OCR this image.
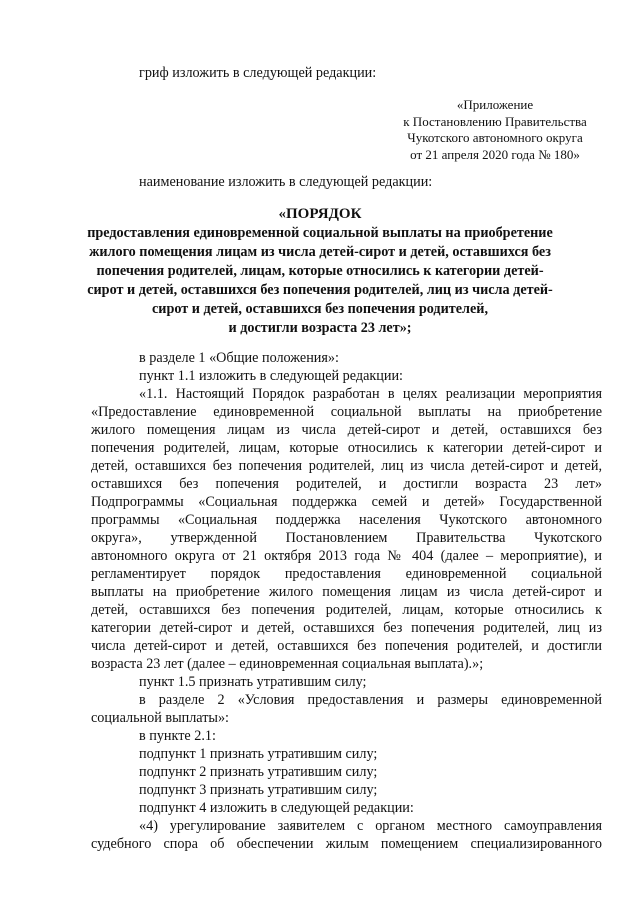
гриф изложить в следующей редакции:
«Приложение
к Постановлению Правительства
Чукотского автономного округа
от 21 апреля 2020 года № 180»
наименование изложить в следующей редакции:
«ПОРЯДОК
предоставления единовременной социальной выплаты на приобретение
жилого помещения лицам из числа детей-сирот и детей, оставшихся без
попечения родителей, лицам, которые относились к категории детей-
сирот и детей, оставшихся без попечения родителей, лиц из числа детей-
сирот и детей, оставшихся без попечения родителей,
и достигли возраста 23 лет»;
в разделе 1 «Общие положения»:
пункт 1.1 изложить в следующей редакции:
«1.1. Настоящий Порядок разработан в целях реализации мероприятия
«Предоставление единовременной социальной выплаты на приобретение
жилого помещения лицам из числа детей-сирот и детей, оставшихся без
попечения родителей, лицам, которые относились к категории детей-сирот и
детей, оставшихся без попечения родителей, лиц из числа детей-сирот и детей,
оставшихся без попечения родителей, и достигли возраста 23 лет»
Подпрограммы «Социальная поддержка семей и детей» Государственной
программы «Социальная поддержка населения Чукотского автономного
округа», утвержденной Постановлением Правительства Чукотского
автономного округа от 21 октября 2013 года № 404 (далее – мероприятие), и
регламентирует порядок предоставления единовременной социальной
выплаты на приобретение жилого помещения лицам из числа детей-сирот и
детей, оставшихся без попечения родителей, лицам, которые относились к
категории детей-сирот и детей, оставшихся без попечения родителей, лиц из
числа детей-сирот и детей, оставшихся без попечения родителей, и достигли
возраста 23 лет (далее – единовременная социальная выплата).»;
пункт 1.5 признать утратившим силу;
в разделе 2 «Условия предоставления и размеры единовременной
социальной выплаты»:
в пункте 2.1:
подпункт 1 признать утратившим силу;
подпункт 2 признать утратившим силу;
подпункт 3 признать утратившим силу;
подпункт 4 изложить в следующей редакции:
«4) урегулирование заявителем с органом местного самоуправления
судебного спора об обеспечении жилым помещением специализированного
